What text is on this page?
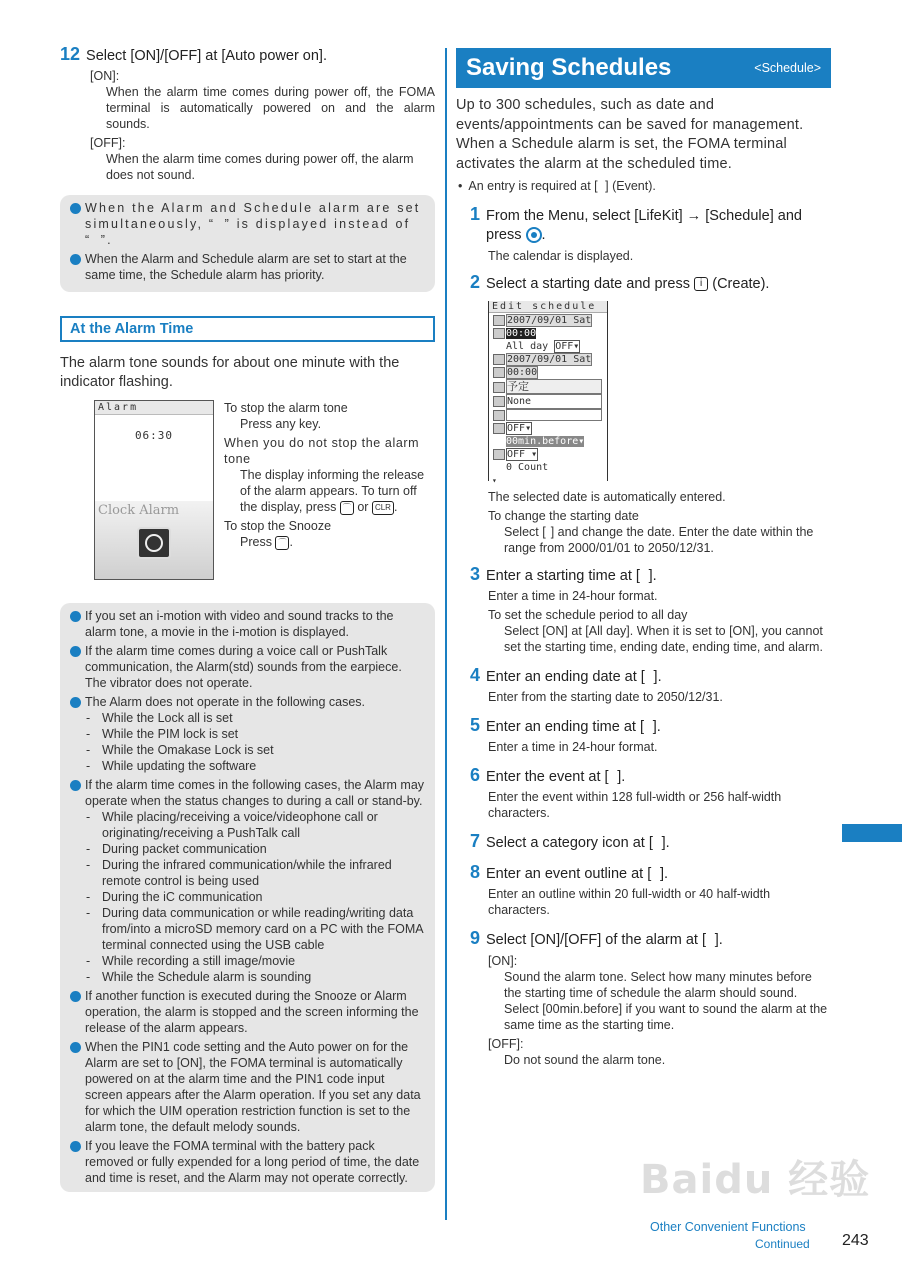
12 Select [ON]/[OFF] at [Auto power on].
[ON]:
When the alarm time comes during power off, the FOMA terminal is automatically powered on and the alarm sounds.
[OFF]:
When the alarm time comes during power off, the alarm does not sound.
When the Alarm and Schedule alarm are set simultaneously, “  ” is displayed instead of “  ”.
When the Alarm and Schedule alarm are set to start at the same time, the Schedule alarm has priority.
At the Alarm Time
The alarm tone sounds for about one minute with the indicator flashing.
Alarm
06:30
Clock Alarm
To stop the alarm tone
Press any key.
When you do not stop the alarm tone
The display informing the release of the alarm appears. To turn off the display, press ⌒ or CLR .
To stop the Snooze
Press ⌒ .
If you set an i-motion with video and sound tracks to the alarm tone, a movie in the i-motion is displayed.
If the alarm time comes during a voice call or PushTalk communication, the Alarm(std) sounds from the earpiece. The vibrator does not operate.
The Alarm does not operate in the following cases.
- While the Lock all is set
- While the PIM lock is set
- While the Omakase Lock is set
- While updating the software
If the alarm time comes in the following cases, the Alarm may operate when the status changes to during a call or stand-by.
- While placing/receiving a voice/videophone call or originating/receiving a PushTalk call
- During packet communication
- During the infrared communication/while the infrared remote control is being used
- During the iC communication
- During data communication or while reading/writing data from/into a microSD memory card on a PC with the FOMA terminal connected using the USB cable
- While recording a still image/movie
- While the Schedule alarm is sounding
If another function is executed during the Snooze or Alarm operation, the alarm is stopped and the screen informing the release of the alarm appears.
When the PIN1 code setting and the Auto power on for the Alarm are set to [ON], the FOMA terminal is automatically powered on at the alarm time and the PIN1 code input screen appears after the Alarm operation. If you set any data for which the UIM operation restriction function is set to the alarm tone, the default melody sounds.
If you leave the FOMA terminal with the battery pack removed or fully expended for a long period of time, the date and time is reset, and the Alarm may not operate correctly.
Saving Schedules	<Schedule>
Up to 300 schedules, such as date and events/appointments can be saved for management. When a Schedule alarm is set, the FOMA terminal activates the alarm at the scheduled time.
• An entry is required at [   ] (Event).
1 From the Menu, select [LifeKit] → [Schedule] and press .
The calendar is displayed.
2 Select a starting date and press i (Create).
Edit schedule
2007/09/01 Sat
00:00
All day OFF▾
2007/09/01 Sat
00:00
予定
None
OFF▾
00min.before▾
OFF ▾
0 Count
▾
The selected date is automatically entered.
To change the starting date
Select [  ] and change the date. Enter the date within the range from 2000/01/01 to 2050/12/31.
3 Enter a starting time at [   ].
Enter a time in 24-hour format.
To set the schedule period to all day
Select [ON] at [All day]. When it is set to [ON], you cannot set the starting time, ending date, ending time, and alarm.
4 Enter an ending date at [   ].
Enter from the starting date to 2050/12/31.
5 Enter an ending time at [   ].
Enter a time in 24-hour format.
6 Enter the event at [   ].
Enter the event within 128 full-width or 256 half-width characters.
7 Select a category icon at [   ].
8 Enter an event outline at [   ].
Enter an outline within 20 full-width or 40 half-width characters.
9 Select [ON]/[OFF] of the alarm at [   ].
[ON]:
Sound the alarm tone. Select how many minutes before the starting time of schedule the alarm should sound. Select [00min.before] if you want to sound the alarm at the same time as the starting time.
[OFF]:
Do not sound the alarm tone.
Baidu 经验
Other Convenient Functions
Continued 243
